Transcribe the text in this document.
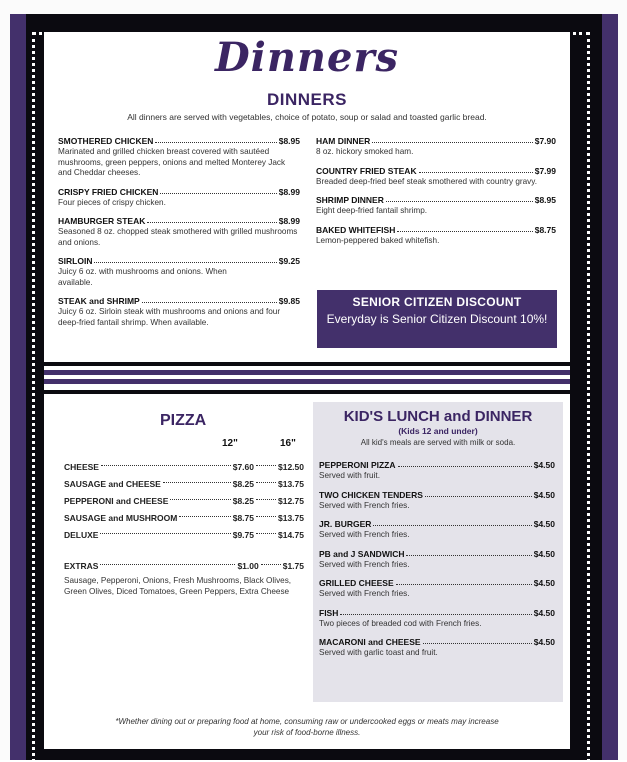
Dinners
DINNERS
All dinners are served with vegetables, choice of potato, soup or salad and toasted garlic bread.
SMOTHERED CHICKEN	$8.95
Marinated and grilled chicken breast covered with sautéed mushrooms, green peppers, onions and melted Monterey Jack and Cheddar cheeses.
CRISPY FRIED CHICKEN	$8.99
Four pieces of crispy chicken.
HAMBURGER STEAK	$8.99
Seasoned 8 oz. chopped steak smothered with grilled mushrooms and onions.
SIRLOIN	$9.25
Juicy 6 oz. with mushrooms and onions. When available.
STEAK and SHRIMP	$9.85
Juicy 6 oz. Sirloin steak with mushrooms and onions and four deep-fried fantail shrimp. When available.
HAM DINNER	$7.90
8 oz. hickory smoked ham.
COUNTRY FRIED STEAK	$7.99
Breaded deep-fried beef steak smothered with country gravy.
SHRIMP DINNER	$8.95
Eight deep-fried fantail shrimp.
BAKED WHITEFISH	$8.75
Lemon-peppered baked whitefish.
SENIOR CITIZEN DISCOUNT
Everyday is Senior Citizen Discount 10%!
PIZZA
12"	16"
CHEESE	$7.60	$12.50
SAUSAGE and CHEESE	$8.25	$13.75
PEPPERONI and CHEESE	$8.25	$12.75
SAUSAGE and MUSHROOM	$8.75	$13.75
DELUXE	$9.75	$14.75
EXTRAS	$1.00	$1.75
Sausage, Pepperoni, Onions, Fresh Mushrooms, Black Olives, Green Olives, Diced Tomatoes, Green Peppers, Extra Cheese
KID'S LUNCH and DINNER
(Kids 12 and under)
All kid's meals are served with milk or soda.
PEPPERONI PIZZA	$4.50
Served with fruit.
TWO CHICKEN TENDERS	$4.50
Served with French fries.
JR. BURGER	$4.50
Served with French fries.
PB and J SANDWICH	$4.50
Served with French fries.
GRILLED CHEESE	$4.50
Served with French fries.
FISH	$4.50
Two pieces of breaded cod with French fries.
MACARONI and CHEESE	$4.50
Served with garlic toast and fruit.
*Whether dining out or preparing food at home, consuming raw or undercooked eggs or meats may increase your risk of food-borne illness.
